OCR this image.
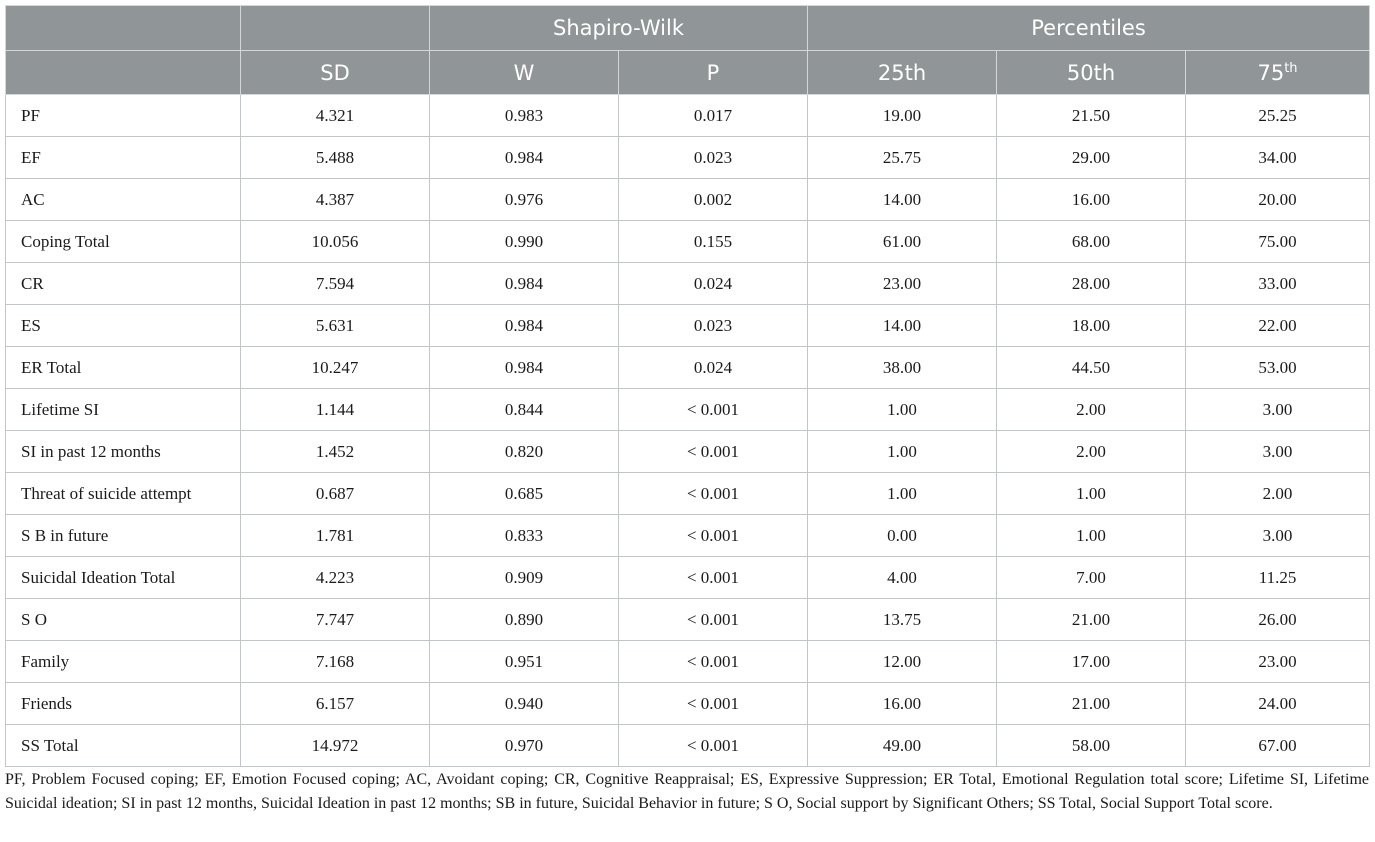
		Shapiro-Wilk		Percentiles		
	SD	W	P	25th	50th	75th
PF	4.321	0.983	0.017	19.00	21.50	25.25
EF	5.488	0.984	0.023	25.75	29.00	34.00
AC	4.387	0.976	0.002	14.00	16.00	20.00
Coping Total	10.056	0.990	0.155	61.00	68.00	75.00
CR	7.594	0.984	0.024	23.00	28.00	33.00
ES	5.631	0.984	0.023	14.00	18.00	22.00
ER Total	10.247	0.984	0.024	38.00	44.50	53.00
Lifetime SI	1.144	0.844	< 0.001	1.00	2.00	3.00
SI in past 12 months	1.452	0.820	< 0.001	1.00	2.00	3.00
Threat of suicide attempt	0.687	0.685	< 0.001	1.00	1.00	2.00
S B in future	1.781	0.833	< 0.001	0.00	1.00	3.00
Suicidal Ideation Total	4.223	0.909	< 0.001	4.00	7.00	11.25
S O	7.747	0.890	< 0.001	13.75	21.00	26.00
Family	7.168	0.951	< 0.001	12.00	17.00	23.00
Friends	6.157	0.940	< 0.001	16.00	21.00	24.00
SS Total	14.972	0.970	< 0.001	49.00	58.00	67.00

PF, Problem Focused coping; EF, Emotion Focused coping; AC, Avoidant coping; CR, Cognitive Reappraisal; ES, Expressive Suppression; ER Total, Emotional Regulation total score; Lifetime SI, Lifetime Suicidal ideation; SI in past 12 months, Suicidal Ideation in past 12 months; SB in future, Suicidal Behavior in future; S O, Social support by Significant Others; SS Total, Social Support Total score.
